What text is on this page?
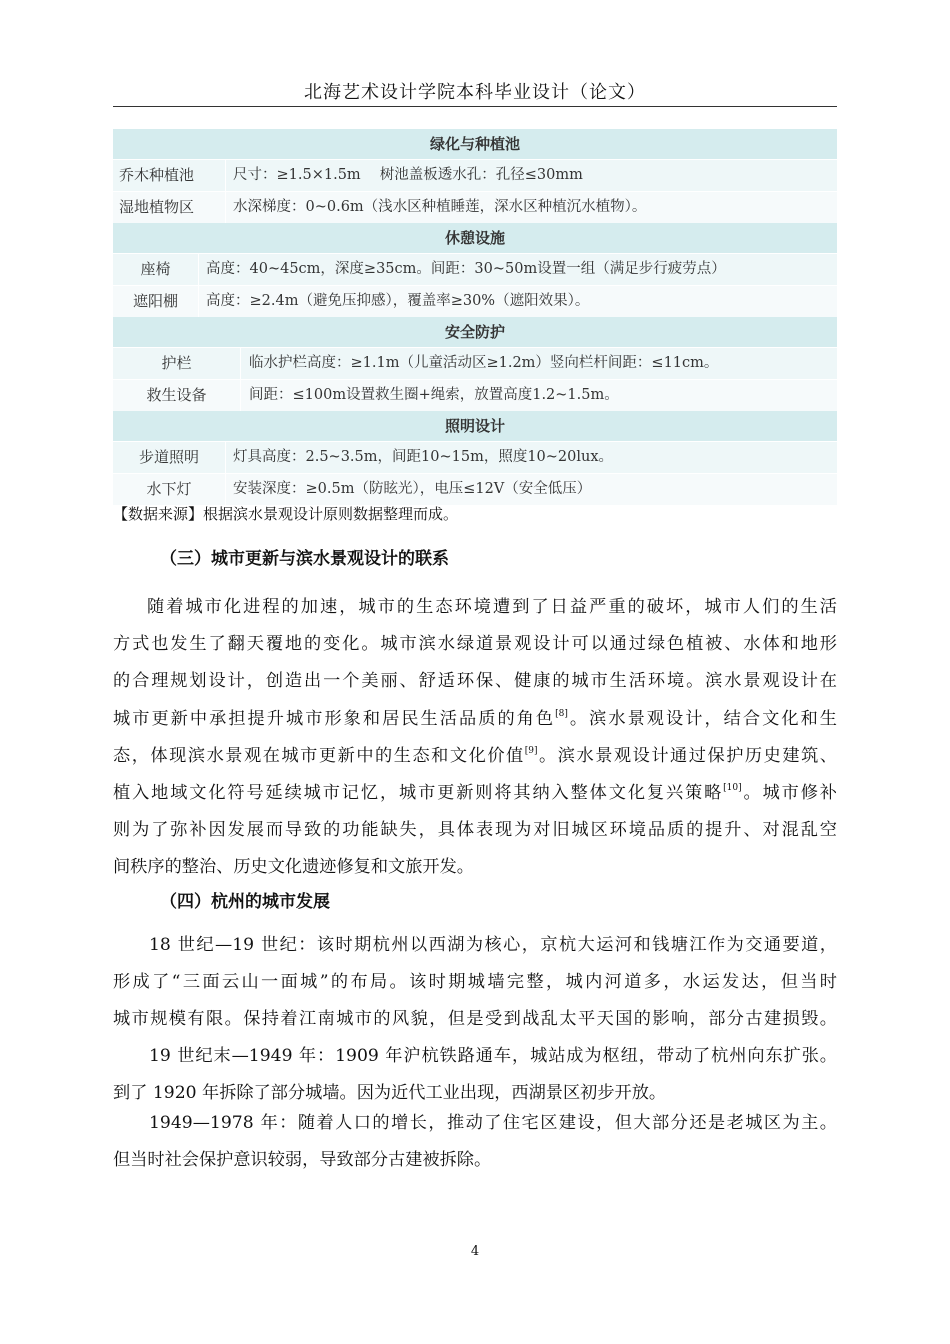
北海艺术设计学院本科毕业设计（论文）
绿化与种植池
乔木种植池	尺寸：≥1.5×1.5m　 树池盖板透水孔：孔径≤30mm
湿地植物区	水深梯度：0~0.6m（浅水区种植睡莲，深水区种植沉水植物）。
休憩设施
座椅	高度：40~45cm，深度≥35cm。间距：30~50m设置一组（满足步行疲劳点）
遮阳棚	高度：≥2.4m（避免压抑感），覆盖率≥30%（遮阳效果）。
安全防护
护栏	临水护栏高度：≥1.1m（儿童活动区≥1.2m）竖向栏杆间距：≤11cm。
救生设备	间距：≤100m设置救生圈+绳索，放置高度1.2~1.5m。
照明设计
步道照明	灯具高度：2.5~3.5m，间距10~15m，照度10~20lux。
水下灯	安装深度：≥0.5m（防眩光），电压≤12V（安全低压）
【数据来源】根据滨水景观设计原则数据整理而成。
（三）城市更新与滨水景观设计的联系
随着城市化进程的加速，城市的生态环境遭到了日益严重的破坏，城市人们的生活
方式也发生了翻天覆地的变化。城市滨水绿道景观设计可以通过绿色植被、水体和地形
的合理规划设计，创造出一个美丽、舒适环保、健康的城市生活环境。滨水景观设计在
城市更新中承担提升城市形象和居民生活品质的角色[8]。滨水景观设计，结合文化和生
态，体现滨水景观在城市更新中的生态和文化价值[9]。滨水景观设计通过保护历史建筑、
植入地域文化符号延续城市记忆，城市更新则将其纳入整体文化复兴策略[10]。城市修补
则为了弥补因发展而导致的功能缺失，具体表现为对旧城区环境品质的提升、对混乱空
间秩序的整治、历史文化遗迹修复和文旅开发。
（四）杭州的城市发展
18 世纪—19 世纪：该时期杭州以西湖为核心，京杭大运河和钱塘江作为交通要道，
形成了“三面云山一面城”的布局。该时期城墙完整，城内河道多，水运发达，但当时
城市规模有限。保持着江南城市的风貌，但是受到战乱太平天国的影响，部分古建损毁。
19 世纪末—1949 年：1909 年沪杭铁路通车，城站成为枢纽，带动了杭州向东扩张。
到了 1920 年拆除了部分城墙。因为近代工业出现，西湖景区初步开放。
1949—1978 年：随着人口的增长，推动了住宅区建设，但大部分还是老城区为主。
但当时社会保护意识较弱，导致部分古建被拆除。
4
